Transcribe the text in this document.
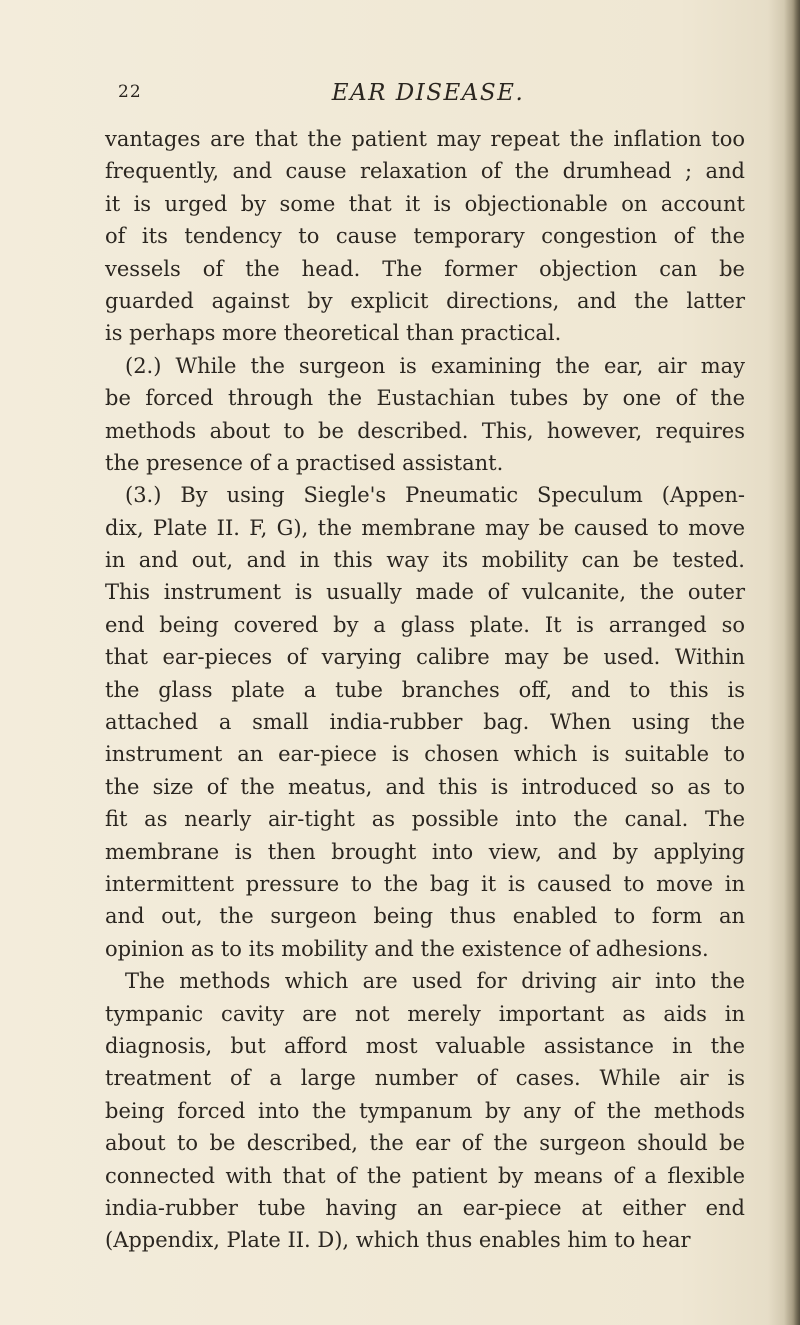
22	EAR DISEASE.
vantages are that the patient may repeat the inflation too
frequently, and cause relaxation of the drumhead ; and
it is urged by some that it is objectionable on account
of its tendency to cause temporary congestion of the
vessels of the head. The former objection can be
guarded against by explicit directions, and the latter
is perhaps more theoretical than practical.
(2.) While the surgeon is examining the ear, air may
be forced through the Eustachian tubes by one of the
methods about to be described. This, however, requires
the presence of a practised assistant.
(3.) By using Siegle's Pneumatic Speculum (Appen-
dix, Plate II. F, G), the membrane may be caused to move
in and out, and in this way its mobility can be tested.
This instrument is usually made of vulcanite, the outer
end being covered by a glass plate. It is arranged so
that ear-pieces of varying calibre may be used. Within
the glass plate a tube branches off, and to this is
attached a small india-rubber bag. When using the
instrument an ear-piece is chosen which is suitable to
the size of the meatus, and this is introduced so as to
fit as nearly air-tight as possible into the canal. The
membrane is then brought into view, and by applying
intermittent pressure to the bag it is caused to move in
and out, the surgeon being thus enabled to form an
opinion as to its mobility and the existence of adhesions.
The methods which are used for driving air into the
tympanic cavity are not merely important as aids in
diagnosis, but afford most valuable assistance in the
treatment of a large number of cases. While air is
being forced into the tympanum by any of the methods
about to be described, the ear of the surgeon should be
connected with that of the patient by means of a flexible
india-rubber tube having an ear-piece at either end
(Appendix, Plate II. D), which thus enables him to hear
